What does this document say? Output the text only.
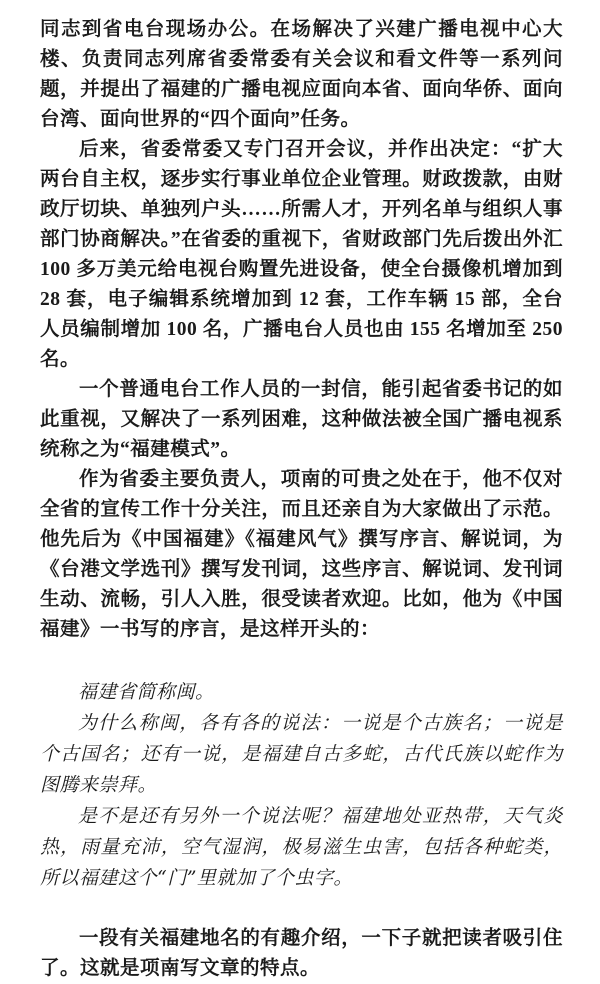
同志到省电台现场办公。在场解决了兴建广播电视中心大楼、负责同志列席省委常委有关会议和看文件等一系列问题，并提出了福建的广播电视应面向本省、面向华侨、面向台湾、面向世界的“四个面向”任务。

后来，省委常委又专门召开会议，并作出决定：“扩大两台自主权，逐步实行事业单位企业管理。财政拨款，由财政厅切块、单独列户头……所需人才，开列名单与组织人事部门协商解决。”在省委的重视下，省财政部门先后拨出外汇 100 多万美元给电视台购置先进设备，使全台摄像机增加到 28 套，电子编辑系统增加到 12 套，工作车辆 15 部，全台人员编制增加 100 名，广播电台人员也由 155 名增加至 250 名。

一个普通电台工作人员的一封信，能引起省委书记的如此重视，又解决了一系列困难，这种做法被全国广播电视系统称之为“福建模式”。

作为省委主要负责人，项南的可贵之处在于，他不仅对全省的宣传工作十分关注，而且还亲自为大家做出了示范。他先后为《中国福建》《福建风气》撰写序言、解说词，为《台港文学选刊》撰写发刊词，这些序言、解说词、发刊词生动、流畅，引人入胜，很受读者欢迎。比如，他为《中国福建》一书写的序言，是这样开头的：

福建省简称闽。

为什么称闽，各有各的说法：一说是个古族名；一说是个古国名；还有一说，是福建自古多蛇，古代氏族以蛇作为图腾来崇拜。

是不是还有另外一个说法呢？福建地处亚热带，天气炎热，雨量充沛，空气湿润，极易滋生虫害，包括各种蛇类，所以福建这个“门”里就加了个虫字。

一段有关福建地名的有趣介绍，一下子就把读者吸引住了。这就是项南写文章的特点。
